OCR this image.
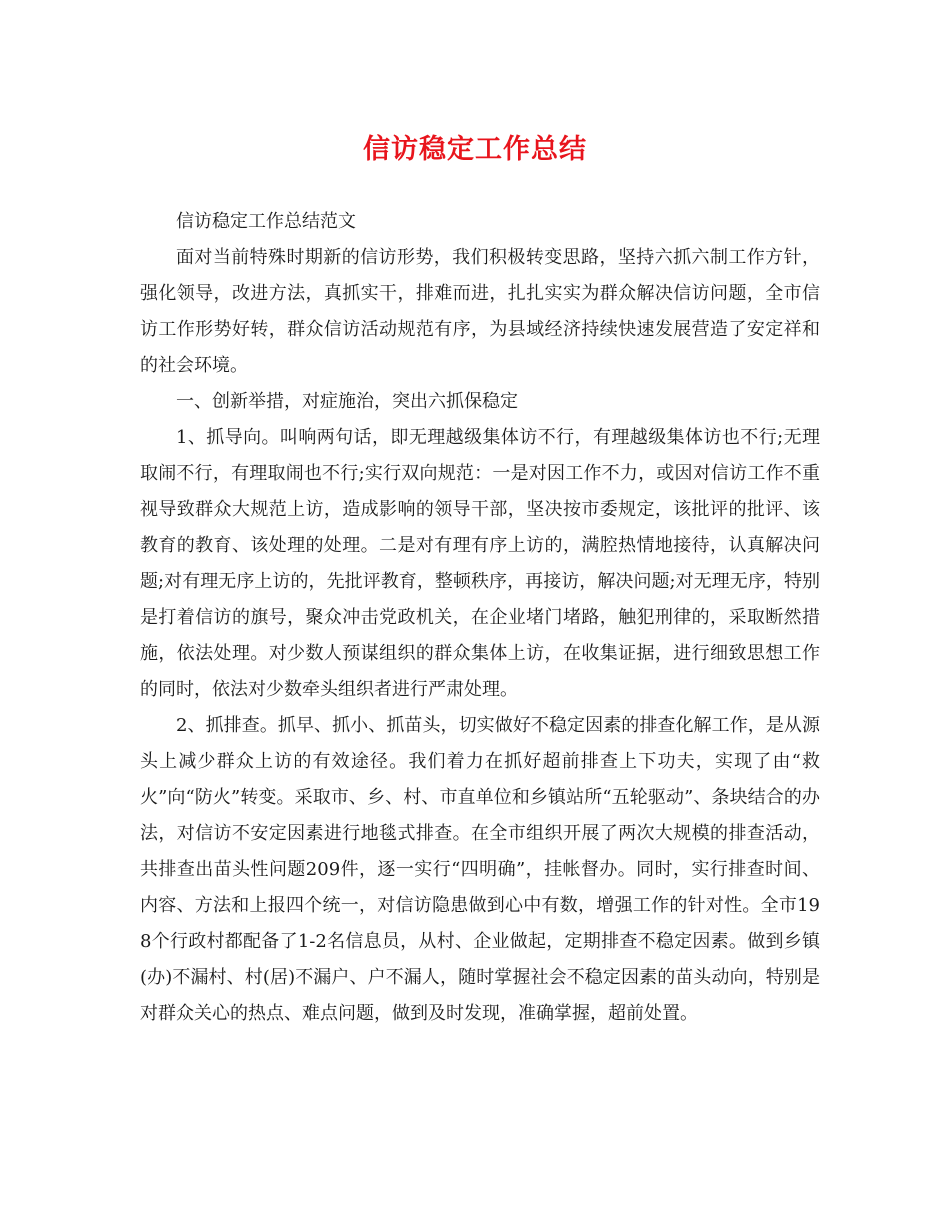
信访稳定工作总结

信访稳定工作总结范文

面对当前特殊时期新的信访形势，我们积极转变思路，坚持六抓六制工作方针，强化领导，改进方法，真抓实干，排难而进，扎扎实实为群众解决信访问题，全市信访工作形势好转，群众信访活动规范有序，为县域经济持续快速发展营造了安定祥和的社会环境。

一、创新举措，对症施治，突出六抓保稳定

1、抓导向。叫响两句话，即无理越级集体访不行，有理越级集体访也不行;无理取闹不行，有理取闹也不行;实行双向规范：一是对因工作不力，或因对信访工作不重视导致群众大规范上访，造成影响的领导干部，坚决按市委规定，该批评的批评、该教育的教育、该处理的处理。二是对有理有序上访的，满腔热情地接待，认真解决问题;对有理无序上访的，先批评教育，整顿秩序，再接访，解决问题;对无理无序，特别是打着信访的旗号，聚众冲击党政机关，在企业堵门堵路，触犯刑律的，采取断然措施，依法处理。对少数人预谋组织的群众集体上访，在收集证据，进行细致思想工作的同时，依法对少数牵头组织者进行严肃处理。

2、抓排查。抓早、抓小、抓苗头，切实做好不稳定因素的排查化解工作，是从源头上减少群众上访的有效途径。我们着力在抓好超前排查上下功夫，实现了由“救火”向“防火”转变。采取市、乡、村、市直单位和乡镇站所“五轮驱动”、条块结合的办法，对信访不安定因素进行地毯式排查。在全市组织开展了两次大规模的排查活动，共排查出苗头性问题209件，逐一实行“四明确”，挂帐督办。同时，实行排查时间、内容、方法和上报四个统一，对信访隐患做到心中有数，增强工作的针对性。全市198个行政村都配备了1-2名信息员，从村、企业做起，定期排查不稳定因素。做到乡镇(办)不漏村、村(居)不漏户、户不漏人，随时掌握社会不稳定因素的苗头动向，特别是对群众关心的热点、难点问题，做到及时发现，准确掌握，超前处置。
